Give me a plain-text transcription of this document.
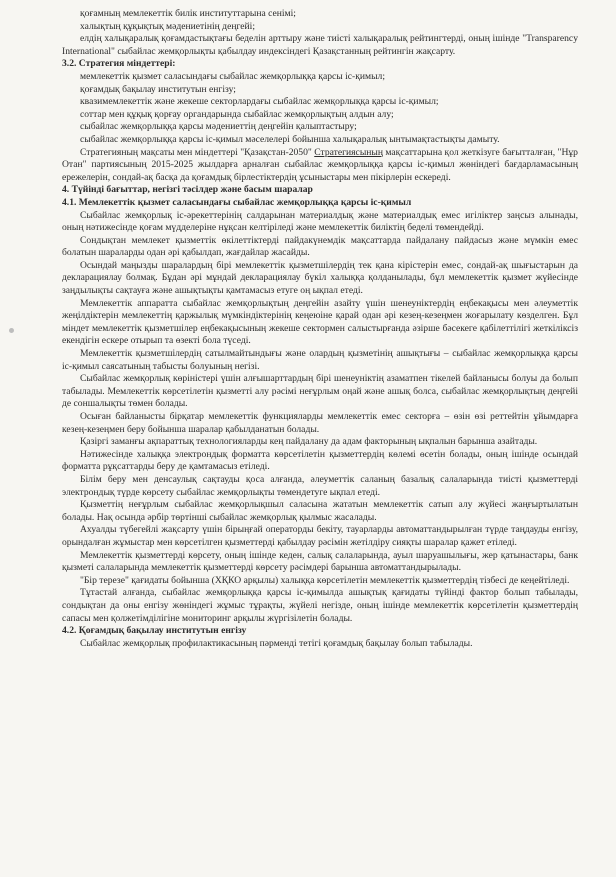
қоғамның мемлекеттік билік институттарына сенімі;

халықтың құқықтық мәдениетінің деңгейі;

елдің халықаралық қоғамдастықтағы беделін арттыру және тиісті халықаралық рейтингтерді, оның ішінде "Transparency International" сыбайлас жемқорлықты қабылдау индексіндегі Қазақстанның рейтингін жақсарту.

3.2. Стратегия міндеттері:

мемлекеттік қызмет саласындағы сыбайлас жемқорлыққа қарсы іс-қимыл;

қоғамдық бақылау институтын енгізу;

квазимемлекеттік және жекеше секторлардағы сыбайлас жемқорлыққа қарсы іс-қимыл;

соттар мен құқық қорғау органдарында сыбайлас жемқорлықтың алдын алу;

сыбайлас жемқорлыққа қарсы мәдениеттің деңгейін қалыптастыру;

сыбайлас жемқорлыққа қарсы іс-қимыл мәселелері бойынша халықаралық ынтымақтастықты дамыту.

Стратегияның мақсаты мен міндеттері "Қазақстан-2050" Стратегиясының мақсаттарына қол жеткізуге бағытталған, "Нұр Отан" партиясының 2015-2025 жылдарға арналған сыбайлас жемқорлыққа қарсы іс-қимыл жөніндегі бағдарламасының ережелерін, сондай-ақ басқа да қоғамдық бірлестіктердің ұсыныстары мен пікірлерін ескереді.

4. Түйінді бағыттар, негізгі тәсілдер және басым шаралар

4.1. Мемлекеттік қызмет саласындағы сыбайлас жемқорлыққа қарсы іс-қимыл

Сыбайлас жемқорлық іс-әрекеттерінің салдарынан материалдық және материалдық емес игіліктер заңсыз алынады, оның нәтижесінде қоғам мүдделеріне нұқсан келтіріледі және мемлекеттік биліктің беделі төмендейді.

Сондықтан мемлекет қызметтік өкілеттіктерді пайдакүнемдік мақсаттарда пайдалану пайдасыз және мүмкін емес болатын шараларды одан әрі қабылдап, жағдайлар жасайды.

Осындай маңызды шаралардың бірі мемлекеттік қызметшілердің тек қана кірістерін емес, сондай-ақ шығыстарын да декларациялау болмақ. Бұдан әрі мұндай декларациялау бүкіл халыққа қолданылады, бұл мемлекеттік қызмет жүйесінде заңдылықты сақтауға және ашықтықты қамтамасыз етуге оң ықпал етеді.

Мемлекеттік аппаратта сыбайлас жемқорлықтың деңгейін азайту үшін шенеуніктердің еңбекақысы мен әлеуметтік жеңілдіктерін мемлекеттің қаржылық мүмкіндіктерінің кеңеюіне қарай одан әрі кезең-кезеңмен жоғарылату көзделген. Бұл міндет мемлекеттік қызметшілер еңбекақысының жекеше сектормен салыстырғанда әзірше бәсекеге қабілеттілігі жеткіліксіз екендігін ескере отырып та өзекті бола түседі.

Мемлекеттік қызметшілердің сатылмайтындығы және олардың қызметінің ашықтығы – сыбайлас жемқорлыққа қарсы іс-қимыл саясатының табысты болуының негізі.

Сыбайлас жемқорлық көріністері үшін алғышарттардың бірі шенеуніктің азаматпен тікелей байланысы болуы да болып табылады. Мемлекеттік көрсетілетін қызметті алу рәсімі неғұрлым оңай және ашық болса, сыбайлас жемқорлықтың деңгейі де соншалықты төмен болады.

Осыған байланысты бірқатар мемлекеттік функцияларды мемлекеттік емес секторға – өзін өзі реттейтін ұйымдарға кезең-кезеңмен беру бойынша шаралар қабылданатын болады.

Қазіргі заманғы ақпараттық технологияларды кең пайдалану да адам факторының ықпалын барынша азайтады.

Нәтижесінде халыққа электрондық форматта көрсетілетін қызметтердің көлемі өсетін болады, оның ішінде осындай форматта рұқсаттарды беру де қамтамасыз етіледі.

Білім беру мен денсаулық сақтауды қоса алғанда, әлеуметтік саланың базалық салаларында тиісті қызметтерді электрондық түрде көрсету сыбайлас жемқорлықты төмендетуге ықпал етеді.

Қызметтің неғұрлым сыбайлас жемқорлықшыл саласына жататын мемлекеттік сатып алу жүйесі жаңғыртылатын болады. Нақ осында әрбір төртінші сыбайлас жемқорлық қылмыс жасалады.

Ахуалды түбегейлі жақсарту үшін бірыңғай операторды бекіту, тауарларды автоматтандырылған түрде таңдауды енгізу, орындалған жұмыстар мен көрсетілген қызметтерді қабылдау рәсімін жетілдіру сияқты шаралар қажет етіледі.

Мемлекеттік қызметтерді көрсету, оның ішінде кеден, салық салаларында, ауыл шаруашылығы, жер қатынастары, банк қызметі салаларында мемлекеттік қызметтерді көрсету рәсімдері барынша автоматтандырылады.

"Бір терезе" қағидаты бойынша (ХҚКО арқылы) халыққа көрсетілетін мемлекеттік қызметтердің тізбесі де кеңейтіледі.

Тұтастай алғанда, сыбайлас жемқорлыққа қарсы іс-қимылда ашықтық қағидаты түйінді фактор болып табылады, сондықтан да оны енгізу жөніндегі жұмыс тұрақты, жүйелі негізде, оның ішінде мемлекеттік көрсетілетін қызметтердің сапасы мен қолжетімділігіне мониторинг арқылы жүргізілетін болады.

4.2. Қоғамдық бақылау институтын енгізу

Сыбайлас жемқорлық профилактикасының пәрменді тетігі қоғамдық бақылау болып табылады.
